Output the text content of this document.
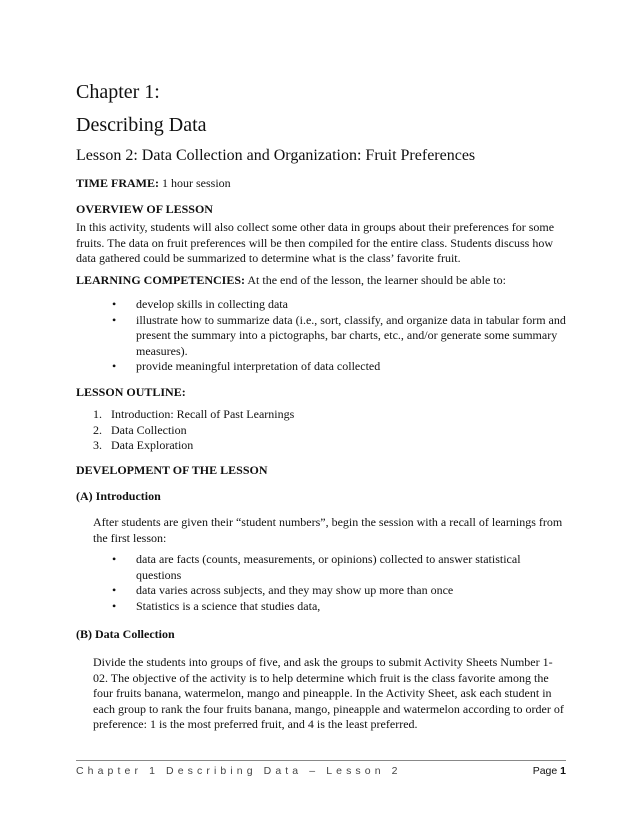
Chapter 1:
Describing Data
Lesson 2: Data Collection and Organization: Fruit Preferences
TIME FRAME: 1 hour session
OVERVIEW OF LESSON
In this activity, students will also collect some other data in groups about their preferences for some fruits. The data on fruit preferences will be then compiled for the entire class. Students discuss how data gathered could be summarized to determine what is the class’ favorite fruit.
LEARNING COMPETENCIES: At the end of the lesson, the learner should be able to:
• develop skills in collecting data
• illustrate how to summarize data (i.e., sort, classify, and organize data in tabular form and present the summary into a pictographs, bar charts, etc., and/or generate some summary measures).
• provide meaningful interpretation of data collected
LESSON OUTLINE:
1. Introduction: Recall of Past Learnings
2. Data Collection
3. Data Exploration
DEVELOPMENT OF THE LESSON
(A) Introduction
After students are given their “student numbers”, begin the session with a recall of learnings from the first lesson:
• data are facts (counts, measurements, or opinions) collected to answer statistical questions
• data varies across subjects, and they may show up more than once
• Statistics is a science that studies data,
(B) Data Collection
Divide the students into groups of five, and ask the groups to submit Activity Sheets Number 1-02. The objective of the activity is to help determine which fruit is the class favorite among the four fruits banana, watermelon, mango and pineapple. In the Activity Sheet, ask each student in each group to rank the four fruits banana, mango, pineapple and watermelon according to order of preference: 1 is the most preferred fruit, and 4 is the least preferred.
Chapter 1 Describing Data – Lesson 2	Page 1
